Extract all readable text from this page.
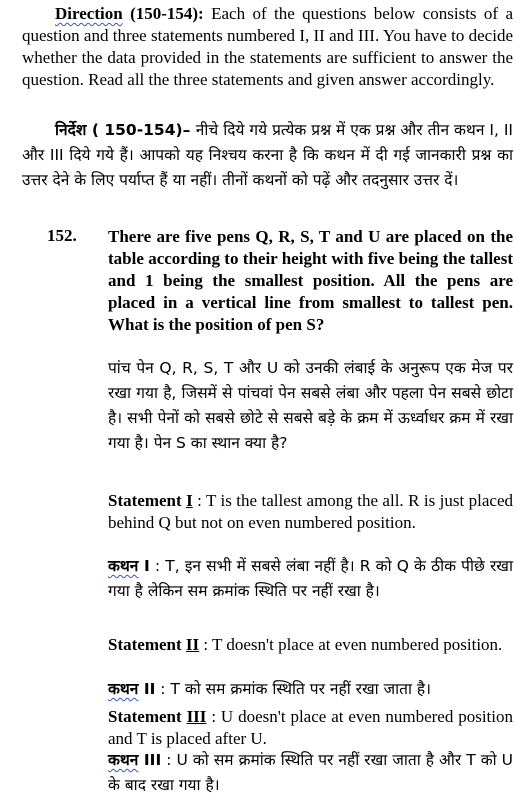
Direction (150-154): Each of the questions below consists of a question and three statements numbered I, II and III. You have to decide whether the data provided in the statements are sufficient to answer the question. Read all the three statements and given answer accordingly.

निर्देश ( 150-154)– नीचे दिये गये प्रत्येक प्रश्न में एक प्रश्न और तीन कथन I, II और III दिये गये हैं। आपको यह निश्चय करना है कि कथन में दी गई जानकारी प्रश्न का उत्तर देने के लिए पर्याप्त हैं या नहीं। तीनों कथनों को पढ़ें और तदनुसार उत्तर दें।

152. There are five pens Q, R, S, T and U are placed on the table according to their height with five being the tallest and 1 being the smallest position. All the pens are placed in a vertical line from smallest to tallest pen. What is the position of pen S?

पांच पेन Q, R, S, T और U को उनकी लंबाई के अनुरूप एक मेज पर रखा गया है, जिसमें से पांचवां पेन सबसे लंबा और पहला पेन सबसे छोटा है। सभी पेनों को सबसे छोटे से सबसे बड़े के क्रम में ऊर्ध्वाधर क्रम में रखा गया है। पेन S का स्थान क्या है?

Statement I : T is the tallest among the all. R is just placed behind Q but not on even numbered position.

कथन I : T, इन सभी में सबसे लंबा नहीं है। R को Q के ठीक पीछे रखा गया है लेकिन सम क्रमांक स्थिति पर नहीं रखा है।

Statement II : T doesn't place at even numbered position.

कथन II : T को सम क्रमांक स्थिति पर नहीं रखा जाता है।

Statement III : U doesn't place at even numbered position and T is placed after U.

कथन III : U को सम क्रमांक स्थिति पर नहीं रखा जाता है और T को U के बाद रखा गया है।
